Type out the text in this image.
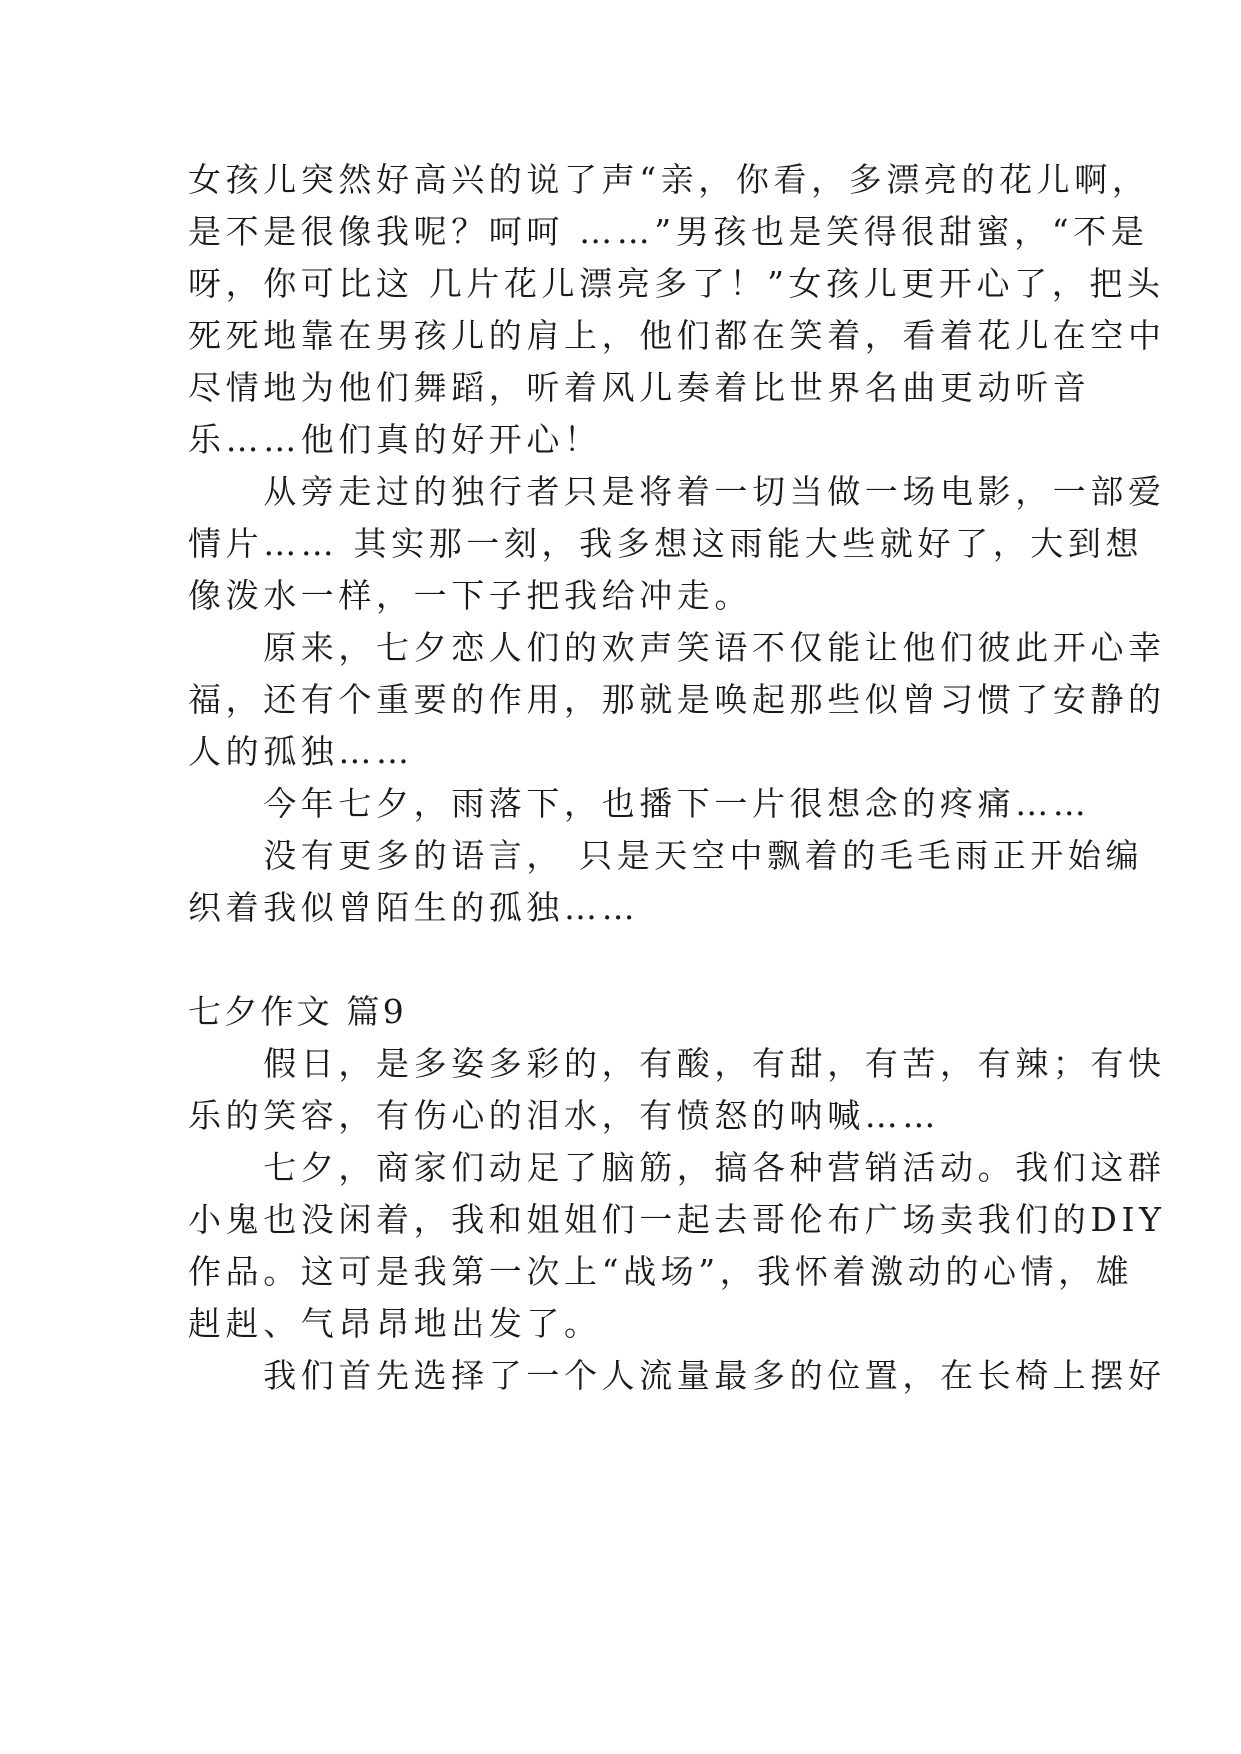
女孩儿突然好高兴的说了声“亲，你看，多漂亮的花儿啊，
是不是很像我呢？呵呵 ……”男孩也是笑得很甜蜜，“不是
呀，你可比这 几片花儿漂亮多了！”女孩儿更开心了，把头
死死地靠在男孩儿的肩上，他们都在笑着，看着花儿在空中
尽情地为他们舞蹈，听着风儿奏着比世界名曲更动听音
乐……他们真的好开心！
　　从旁走过的独行者只是将着一切当做一场电影，一部爱
情片…… 其实那一刻，我多想这雨能大些就好了，大到想
像泼水一样，一下子把我给冲走。
　　原来，七夕恋人们的欢声笑语不仅能让他们彼此开心幸
福，还有个重要的作用，那就是唤起那些似曾习惯了安静的
人的孤独……
　　今年七夕，雨落下，也播下一片很想念的疼痛……
　　没有更多的语言， 只是天空中飘着的毛毛雨正开始编
织着我似曾陌生的孤独……
七夕作文 篇9
　　假日，是多姿多彩的，有酸，有甜，有苦，有辣；有快
乐的笑容，有伤心的泪水，有愤怒的呐喊……
　　七夕，商家们动足了脑筋，搞各种营销活动。我们这群
小鬼也没闲着，我和姐姐们一起去哥伦布广场卖我们的DIY
作品。这可是我第一次上“战场”，我怀着激动的心情，雄
赳赳、气昂昂地出发了。
　　我们首先选择了一个人流量最多的位置，在长椅上摆好
